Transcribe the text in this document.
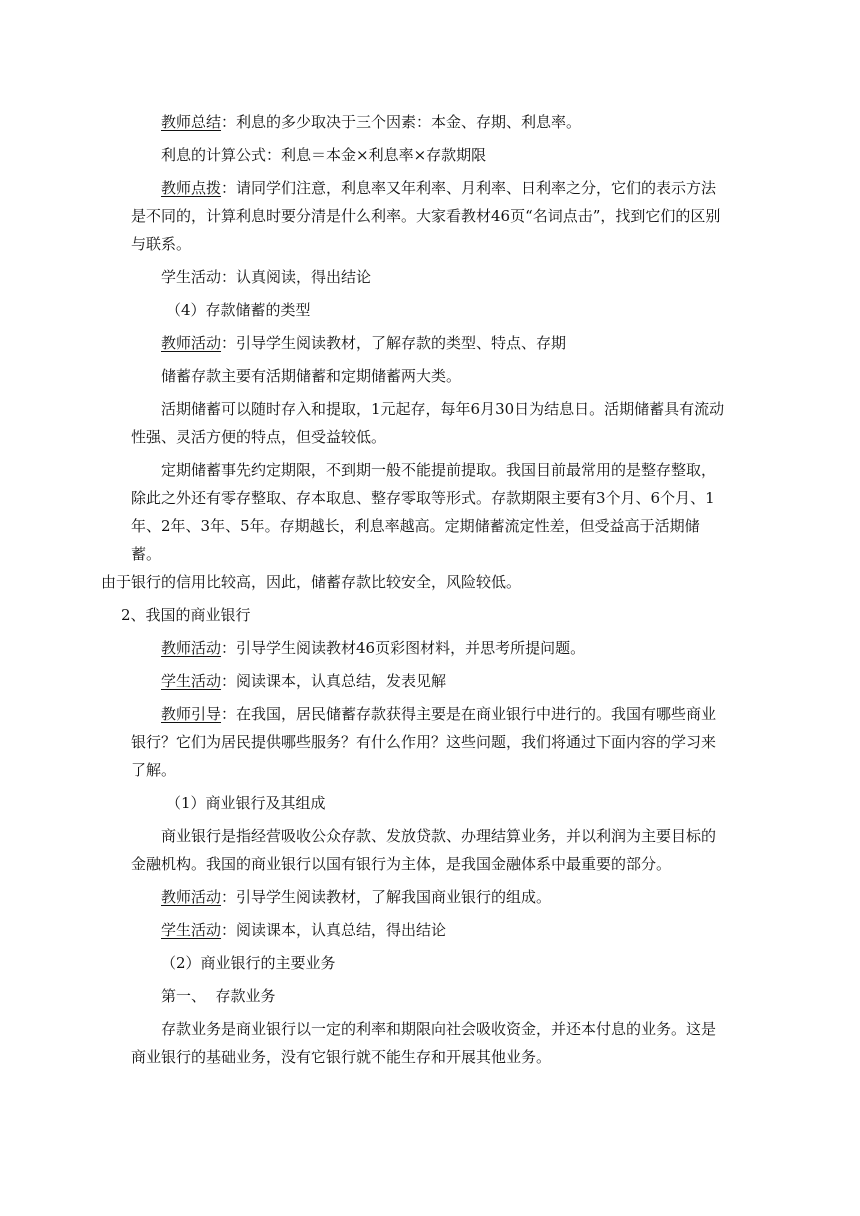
教师总结：利息的多少取决于三个因素：本金、存期、利息率。

利息的计算公式：利息＝本金×利息率×存款期限

教师点拨：请同学们注意，利息率又年利率、月利率、日利率之分，它们的表示方法是不同的，计算利息时要分清是什么利率。大家看教材46页“名词点击”，找到它们的区别与联系。

学生活动：认真阅读，得出结论

（4）存款储蓄的类型

教师活动：引导学生阅读教材，了解存款的类型、特点、存期

储蓄存款主要有活期储蓄和定期储蓄两大类。

活期储蓄可以随时存入和提取，1元起存，每年6月30日为结息日。活期储蓄具有流动性强、灵活方便的特点，但受益较低。

定期储蓄事先约定期限，不到期一般不能提前提取。我国目前最常用的是整存整取，除此之外还有零存整取、存本取息、整存零取等形式。存款期限主要有3个月、6个月、1年、2年、3年、5年。存期越长，利息率越高。定期储蓄流定性差，但受益高于活期储蓄。

由于银行的信用比较高，因此，储蓄存款比较安全，风险较低。

2、我国的商业银行

教师活动：引导学生阅读教材46页彩图材料，并思考所提问题。

学生活动：阅读课本，认真总结，发表见解

教师引导：在我国，居民储蓄存款获得主要是在商业银行中进行的。我国有哪些商业银行？它们为居民提供哪些服务？有什么作用？这些问题，我们将通过下面内容的学习来了解。

（1）商业银行及其组成

商业银行是指经营吸收公众存款、发放贷款、办理结算业务，并以利润为主要目标的金融机构。我国的商业银行以国有银行为主体，是我国金融体系中最重要的部分。

教师活动：引导学生阅读教材，了解我国商业银行的组成。

学生活动：阅读课本，认真总结，得出结论

（2）商业银行的主要业务

第一、  存款业务

存款业务是商业银行以一定的利率和期限向社会吸收资金，并还本付息的业务。这是商业银行的基础业务，没有它银行就不能生存和开展其他业务。
